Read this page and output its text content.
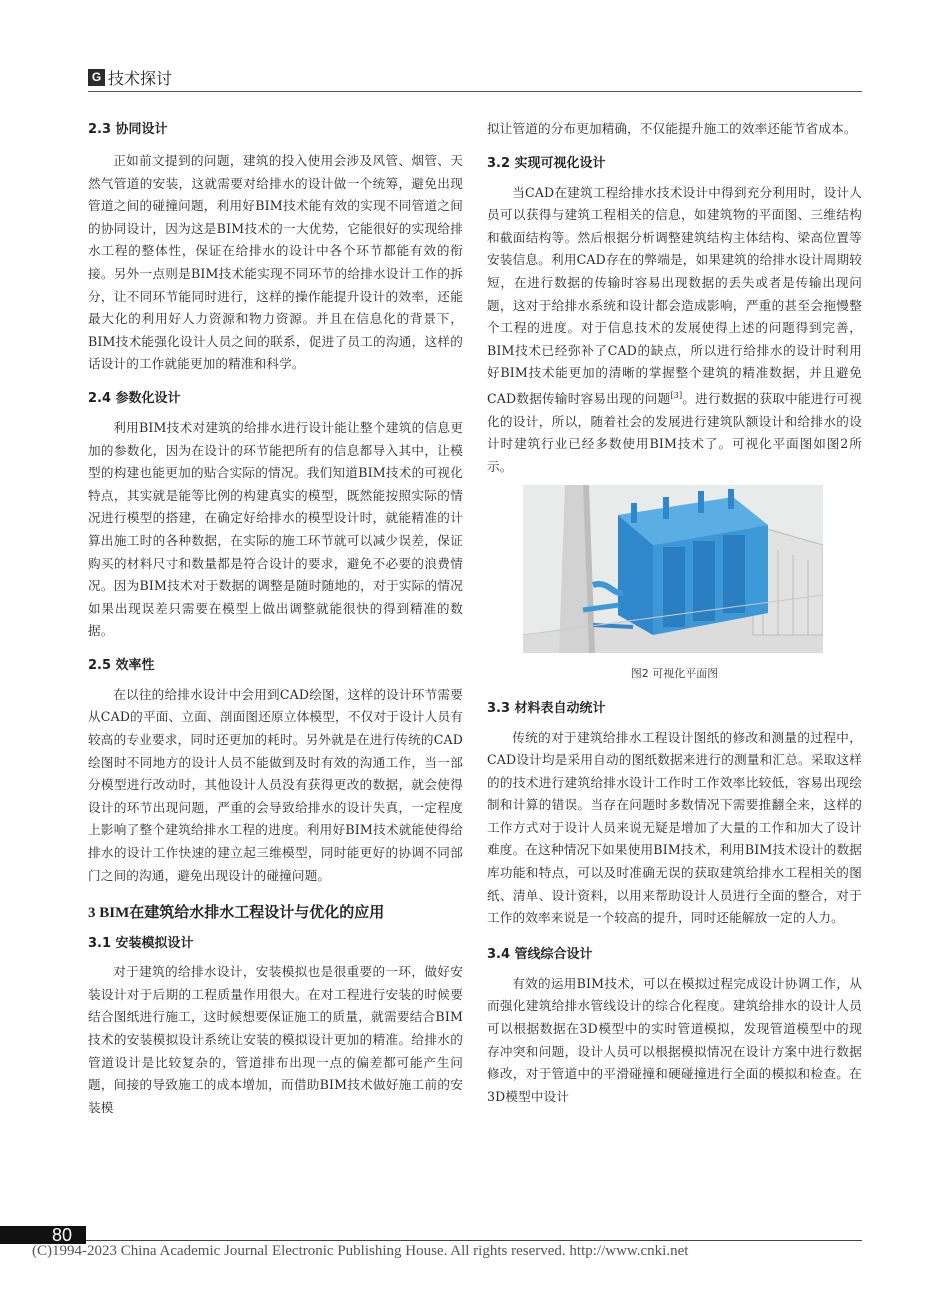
G 技术探讨
2.3 协同设计

正如前文提到的问题，建筑的投入使用会涉及风管、烟管、天然气管道的安装，这就需要对给排水的设计做一个统筹，避免出现管道之间的碰撞问题，利用好BIM技术能有效的实现不同管道之间的协同设计，因为这是BIM技术的一大优势，它能很好的实现给排水工程的整体性，保证在给排水的设计中各个环节都能有效的衔接。另外一点则是BIM技术能实现不同环节的给排水设计工作的拆分，让不同环节能同时进行，这样的操作能提升设计的效率，还能最大化的利用好人力资源和物力资源。并且在信息化的背景下，BIM技术能强化设计人员之间的联系，促进了员工的沟通，这样的话设计的工作就能更加的精准和科学。

2.4 参数化设计

利用BIM技术对建筑的给排水进行设计能让整个建筑的信息更加的参数化，因为在设计的环节能把所有的信息都导入其中，让模型的构建也能更加的贴合实际的情况。我们知道BIM技术的可视化特点，其实就是能等比例的构建真实的模型，既然能按照实际的情况进行模型的搭建，在确定好给排水的模型设计时，就能精准的计算出施工时的各种数据，在实际的施工环节就可以减少误差，保证购买的材料尺寸和数量都是符合设计的要求，避免不必要的浪费情况。因为BIM技术对于数据的调整是随时随地的，对于实际的情况如果出现误差只需要在模型上做出调整就能很快的得到精准的数据。

2.5 效率性

在以往的给排水设计中会用到CAD绘图，这样的设计环节需要从CAD的平面、立面、剖面图还原立体模型，不仅对于设计人员有较高的专业要求，同时还更加的耗时。另外就是在进行传统的CAD绘图时不同地方的设计人员不能做到及时有效的沟通工作，当一部分模型进行改动时，其他设计人员没有获得更改的数据，就会使得设计的环节出现问题，严重的会导致给排水的设计失真，一定程度上影响了整个建筑给排水工程的进度。利用好BIM技术就能使得给排水的设计工作快速的建立起三维模型，同时能更好的协调不同部门之间的沟通，避免出现设计的碰撞问题。

3 BIM在建筑给水排水工程设计与优化的应用
3.1 安装模拟设计

对于建筑的给排水设计，安装模拟也是很重要的一环，做好安装设计对于后期的工程质量作用很大。在对工程进行安装的时候要结合图纸进行施工，这时候想要保证施工的质量，就需要结合BIM技术的安装模拟设计系统让安装的模拟设计更加的精准。给排水的管道设计是比较复杂的，管道排布出现一点的偏差都可能产生问题，间接的导致施工的成本增加，而借助BIM技术做好施工前的安装模

拟让管道的分布更加精确，不仅能提升施工的效率还能节省成本。

3.2 实现可视化设计

当CAD在建筑工程给排水技术设计中得到充分利用时，设计人员可以获得与建筑工程相关的信息，如建筑物的平面图、三维结构和截面结构等。然后根据分析调整建筑结构主体结构、梁高位置等安装信息。利用CAD存在的弊端是，如果建筑的给排水设计周期较短，在进行数据的传输时容易出现数据的丢失或者是传输出现问题，这对于给排水系统和设计都会造成影响，严重的甚至会拖慢整个工程的进度。对于信息技术的发展使得上述的问题得到完善，BIM技术已经弥补了CAD的缺点，所以进行给排水的设计时利用好BIM技术能更加的清晰的掌握整个建筑的精准数据，并且避免CAD数据传输时容易出现的问题[3]。进行数据的获取中能进行可视化的设计，所以，随着社会的发展进行建筑队额设计和给排水的设计时建筑行业已经多数使用BIM技术了。可视化平面图如图2所示。

图2 可视化平面图

3.3 材料表自动统计

传统的对于建筑给排水工程设计图纸的修改和测量的过程中， CAD设计均是采用自动的图纸数据来进行的测量和汇总。采取这样的的技术进行建筑给排水设计工作时工作效率比较低，容易出现绘制和计算的错误。当存在问题时多数情况下需要推翻全来，这样的工作方式对于设计人员来说无疑是增加了大量的工作和加大了设计难度。在这种情况下如果使用BIM技术，利用BIM技术设计的数据库功能和特点，可以及时准确无误的获取建筑给排水工程相关的图纸、清单、设计资料，以用来帮助设计人员进行全面的整合，对于工作的效率来说是一个较高的提升，同时还能解放一定的人力。

3.4 管线综合设计

有效的运用BIM技术，可以在模拟过程完成设计协调工作，从而强化建筑给排水管线设计的综合化程度。建筑给排水的设计人员可以根据数据在3D模型中的实时管道模拟，发现管道模型中的现存冲突和问题，设计人员可以根据模拟情况在设计方案中进行数据修改，对于管道中的平滑碰撞和硬碰撞进行全面的模拟和检查。在3D模型中设计

80
(C)1994-2023 China Academic Journal Electronic Publishing House. All rights reserved. http://www.cnki.net
